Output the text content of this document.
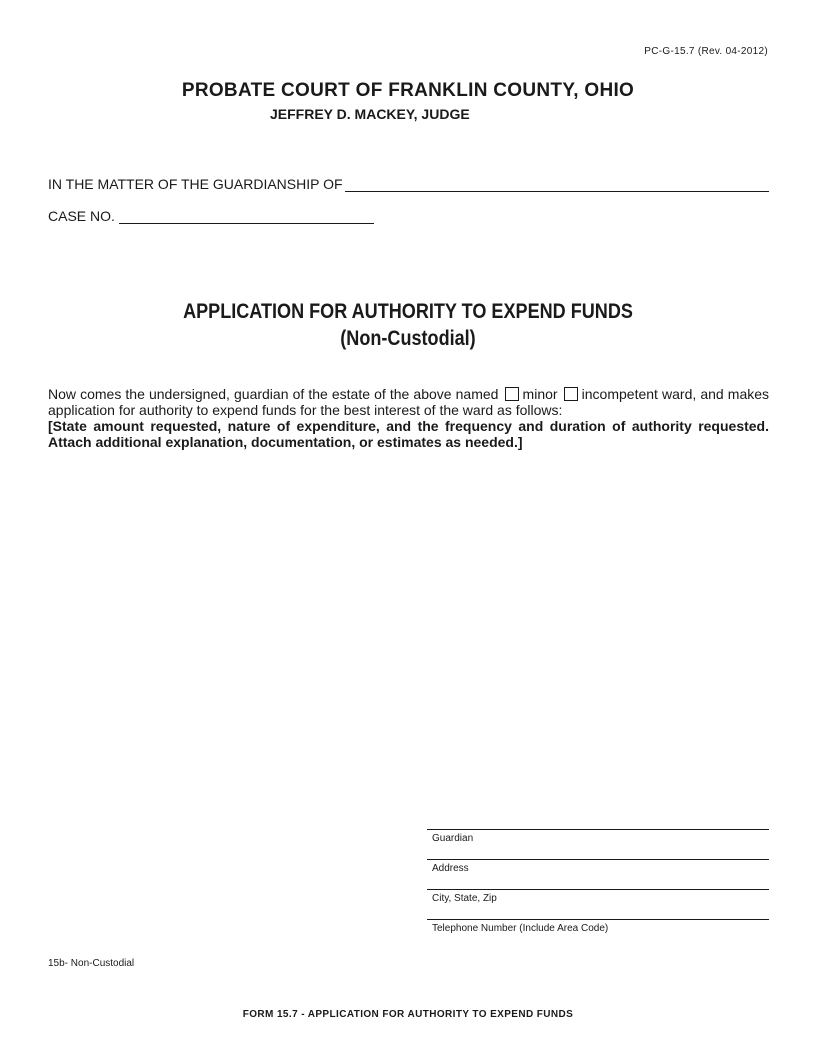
PC-G-15.7 (Rev. 04-2012)
PROBATE COURT OF FRANKLIN COUNTY, OHIO
JEFFREY D. MACKEY, JUDGE
IN THE MATTER OF THE GUARDIANSHIP OF
CASE NO.
APPLICATION FOR AUTHORITY TO EXPEND FUNDS
(Non-Custodial)
Now comes the undersigned, guardian of the estate of the above named minor incompetent ward, and makes application for authority to expend funds for the best interest of the ward as follows:
[State amount requested, nature of expenditure, and the frequency and duration of authority requested. Attach additional explanation, documentation, or estimates as needed.]
Guardian
Address
City, State, Zip
Telephone Number (Include Area Code)
15b- Non-Custodial
FORM 15.7 - APPLICATION FOR AUTHORITY TO EXPEND FUNDS
